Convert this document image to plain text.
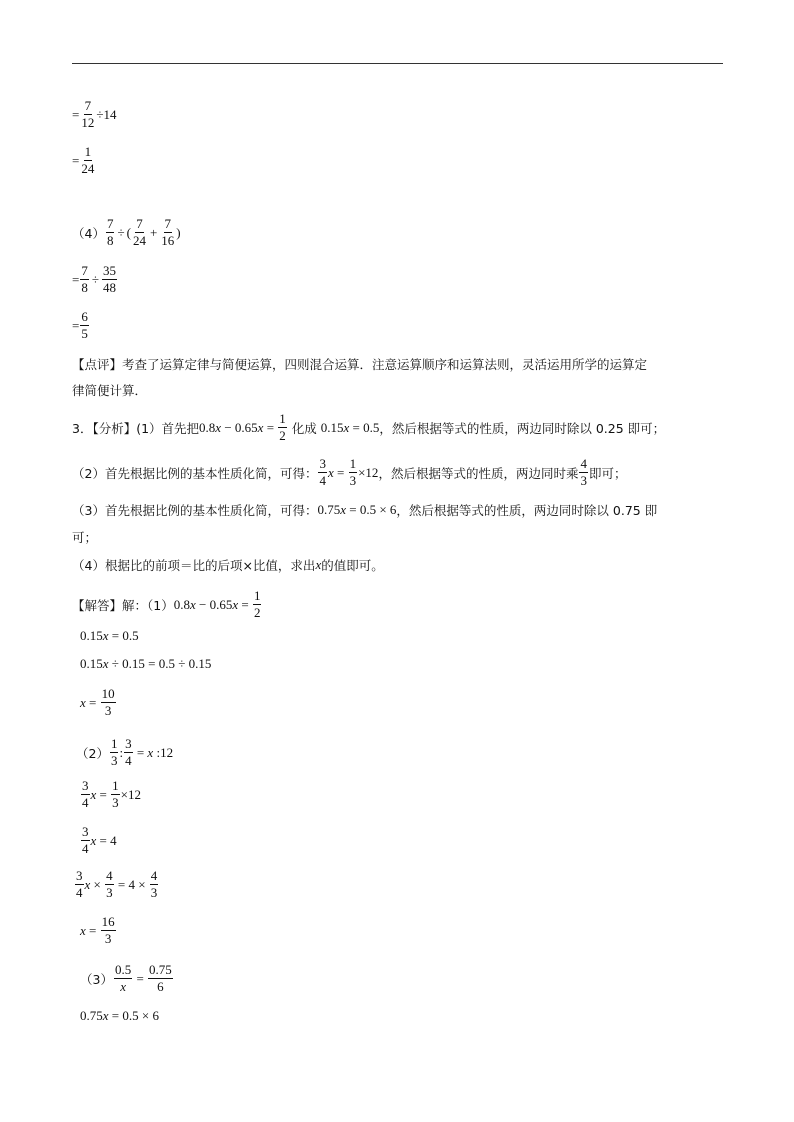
= $\frac{7}{12} \div 14$
= $\frac{1}{24}$
$(4) \frac{7}{8}$ ÷ ( $\frac{7}{24} + \frac{7}{16}$ )
= $\frac{7}{8} \div \frac{35}{48}$
= $\frac{6}{5}$
【点评】考查了运算定律与简便运算，四则混合运算．注意运算顺序和运算法则，灵活运用所学的运算定
律简便计算．
3．【分析】(1）首先把 0.8 x − 0.65 $x = \frac{1}{2}$ 化成 0.15 x = 0.5 ，然后根据等式的性质，两边同时除以 0.25 即可；
（2）首先根据比例的基本性质化简，可得： $\frac{3}{4}$ $x = \frac{1}{3} \times 12$ ，然后根据等式的性质，两边同时乘 $\frac{4}{3}$ 即可；
（3）首先根据比例的基本性质化简，可得： 0.75 x = 0.5 × 6 ，然后根据等式的性质，两边同时除以 0.75 即
可；
（4）根据比的前项＝比的后项×比值，求出 x 的值即可。
【解答】解：（1） 0.8 x − 0.65 $x = \frac{1}{2}$
0.15 x = 0.5
0.15 x ÷ 0.15 = 0.5 ÷ 0.15
$x = \frac{10}{3}$
$(2) \frac{1}{3}$ : $\frac{3}{4} = x$ :12
$\frac{3}{4}$ $x = \frac{1}{3} \times 12$
$\frac{3}{4}$ x = 4
$\frac{3}{4}$ $x \times \frac{4}{3} = 4 \times \frac{4}{3}$
$x = \frac{16}{3}$
$(3) \frac{0.5}{x} = \frac{0.75}{6}$
0.75 x = 0.5 × 6
